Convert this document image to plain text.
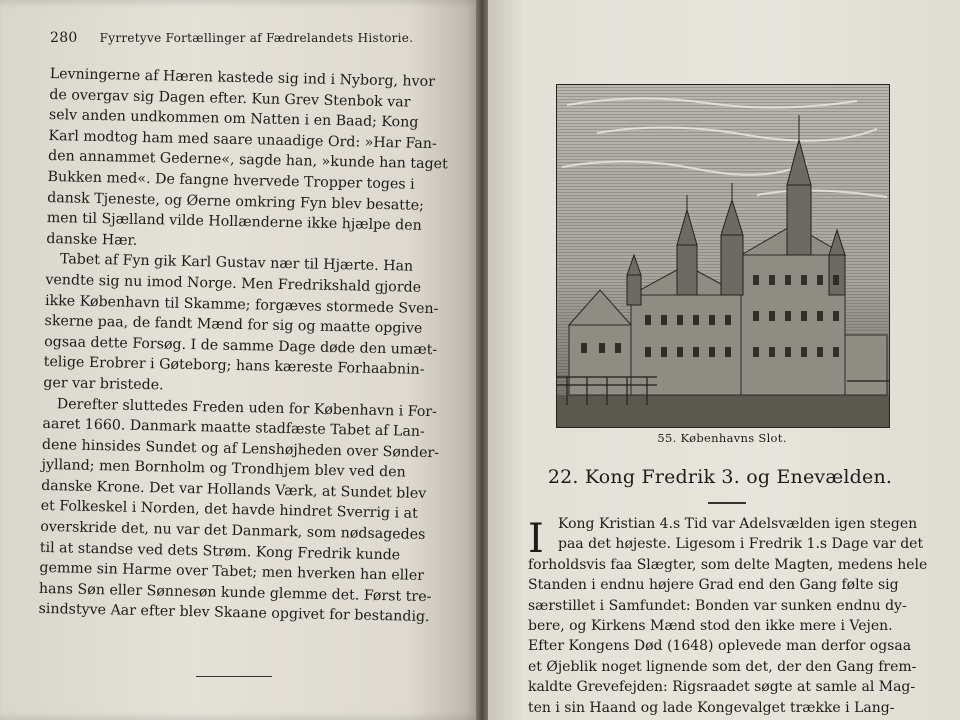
280 Fyrretyve Fortællinger af Fædrelandets Historie.
Levningerne af Hæren kastede sig ind i Nyborg, hvor
de overgav sig Dagen efter. Kun Grev Stenbok var
selv anden undkommen om Natten i en Baad; Kong
Karl modtog ham med saare unaadige Ord: »Har Fan-
den annammet Gederne«, sagde han, »kunde han taget
Bukken med«. De fangne hvervede Tropper toges i
dansk Tjeneste, og Øerne omkring Fyn blev besatte;
men til Sjælland vilde Hollænderne ikke hjælpe den
danske Hær.
Tabet af Fyn gik Karl Gustav nær til Hjærte. Han
vendte sig nu imod Norge. Men Fredrikshald gjorde
ikke København til Skamme; forgæves stormede Sven-
skerne paa, de fandt Mænd for sig og maatte opgive
ogsaa dette Forsøg. I de samme Dage døde den umæt-
telige Erobrer i Gøteborg; hans kæreste Forhaabnin-
ger var bristede.
Derefter sluttedes Freden uden for København i For-
aaret 1660. Danmark maatte stadfæste Tabet af Lan-
dene hinsides Sundet og af Lenshøjheden over Sønder-
jylland; men Bornholm og Trondhjem blev ved den
danske Krone. Det var Hollands Værk, at Sundet blev
et Folkeskel i Norden, det havde hindret Sverrig i at
overskride det, nu var det Danmark, som nødsagedes
til at standse ved dets Strøm. Kong Fredrik kunde
gemme sin Harme over Tabet; men hverken han eller
hans Søn eller Sønnesøn kunde glemme det. Først tre-
sindstyve Aar efter blev Skaane opgivet for bestandig.
55. Københavns Slot.
22. Kong Fredrik 3. og Enevælden.
I	Kong Kristian 4.s Tid var Adelsvælden igen stegen
paa det højeste. Ligesom i Fredrik 1.s Dage var det
forholdsvis faa Slægter, som delte Magten, medens hele
Standen i endnu højere Grad end den Gang følte sig
særstillet i Samfundet: Bonden var sunken endnu dy-
bere, og Kirkens Mænd stod den ikke mere i Vejen.
Efter Kongens Død (1648) oplevede man derfor ogsaa
et Øjeblik noget lignende som det, der den Gang frem-
kaldte Grevefejden: Rigsraadet søgte at samle al Mag-
ten i sin Haand og lade Kongevalget trække i Lang-
